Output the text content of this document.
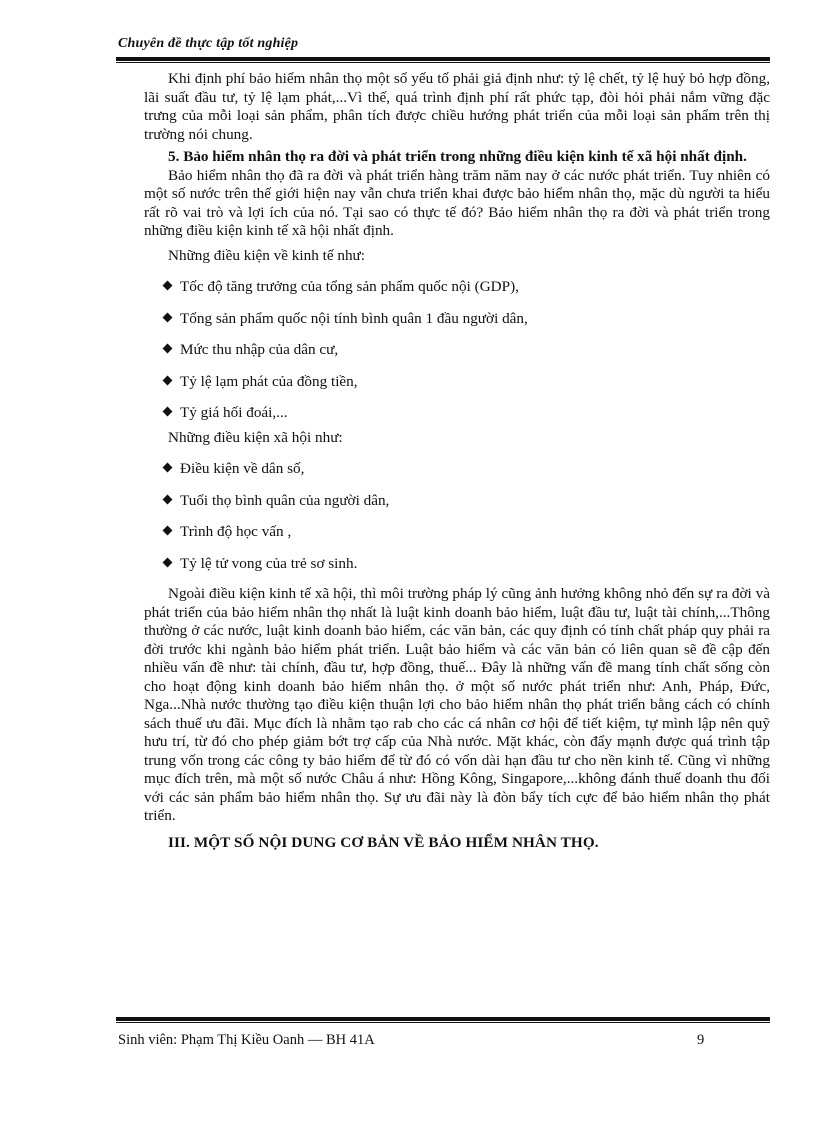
Chuyên đề thực tập tốt nghiệp

Khi định phí bảo hiểm nhân thọ một số yếu tố phải giả định như: tỷ lệ chết, tỷ lệ huỷ bỏ hợp đồng, lãi suất đầu tư, tỷ lệ lạm phát,...Vì thế, quá trình định phí rất phức tạp, đòi hỏi phải nắm vững đặc trưng của mỗi loại sản phẩm, phân tích được chiều hướng phát triển của mỗi loại sản phẩm trên thị trường nói chung.

5. Bảo hiểm nhân thọ ra đời và phát triển trong những điều kiện kinh tế xã hội nhất định.

Bảo hiểm nhân thọ đã ra đời và phát triển hàng trăm năm nay ở các nước phát triển. Tuy nhiên có một số nước trên thế giới hiện nay vẫn chưa triển khai được bảo hiểm nhân thọ, mặc dù người ta hiểu rất rõ vai trò và lợi ích của nó. Tại sao có thực tế đó? Bảo hiểm nhân thọ ra đời và phát triển trong những điều kiện kinh tế xã hội nhất định.

Những điều kiện về kinh tế như:

Tốc độ tăng trưởng của tổng sản phẩm quốc nội (GDP),
Tổng sản phẩm quốc nội tính bình quân 1 đầu người dân,
Mức thu nhập của dân cư,
Tỷ lệ lạm phát của đồng tiền,
Tỷ giá hối đoái,...

Những điều kiện xã hội như:

Điều kiện về dân số,
Tuổi thọ bình quân của người dân,
Trình độ học vấn ,
Tỷ lệ tử vong của trẻ sơ sinh.

Ngoài điều kiện kinh tế xã hội, thì môi trường pháp lý cũng ảnh hưởng không nhỏ đến sự ra đời và phát triển của bảo hiểm nhân thọ nhất là luật kinh doanh bảo hiểm, luật đầu tư, luật tài chính,...Thông thường ở các nước, luật kinh doanh bảo hiểm, các văn bản, các quy định có tính chất pháp quy phải ra đời trước khi ngành bảo hiểm phát triển. Luật bảo hiểm và các văn bản có liên quan sẽ đề cập đến nhiều vấn đề như: tài chính, đầu tư, hợp đồng, thuế... Đây là những vấn đề mang tính chất sống còn cho hoạt động kinh doanh bảo hiểm nhân thọ. ở một số nước phát triển như: Anh, Pháp, Đức, Nga...Nhà nước thường tạo điều kiện thuận lợi cho bảo hiểm nhân thọ phát triển bằng cách có chính sách thuế ưu đãi. Mục đích là nhằm tạo rab cho các cá nhân cơ hội để tiết kiệm, tự mình lập nên quỹ hưu trí, từ đó cho phép giảm bớt trợ cấp của Nhà nước. Mặt khác, còn đẩy mạnh được quá trình tập trung vốn trong các công ty bảo hiểm để từ đó có vốn dài hạn đầu tư cho nền kinh tế. Cũng vì những mục đích trên, mà một số nước Châu á như: Hồng Kông, Singapore,...không đánh thuế doanh thu đối với các sản phẩm bảo hiểm nhân thọ. Sự ưu đãi này là đòn bẩy tích cực để bảo hiểm nhân thọ phát triển.

III. MỘT SỐ NỘI DUNG CƠ BẢN VỀ BẢO HIỂM NHÂN THỌ.

Sinh viên: Phạm Thị Kiều Oanh — BH 41A	9
